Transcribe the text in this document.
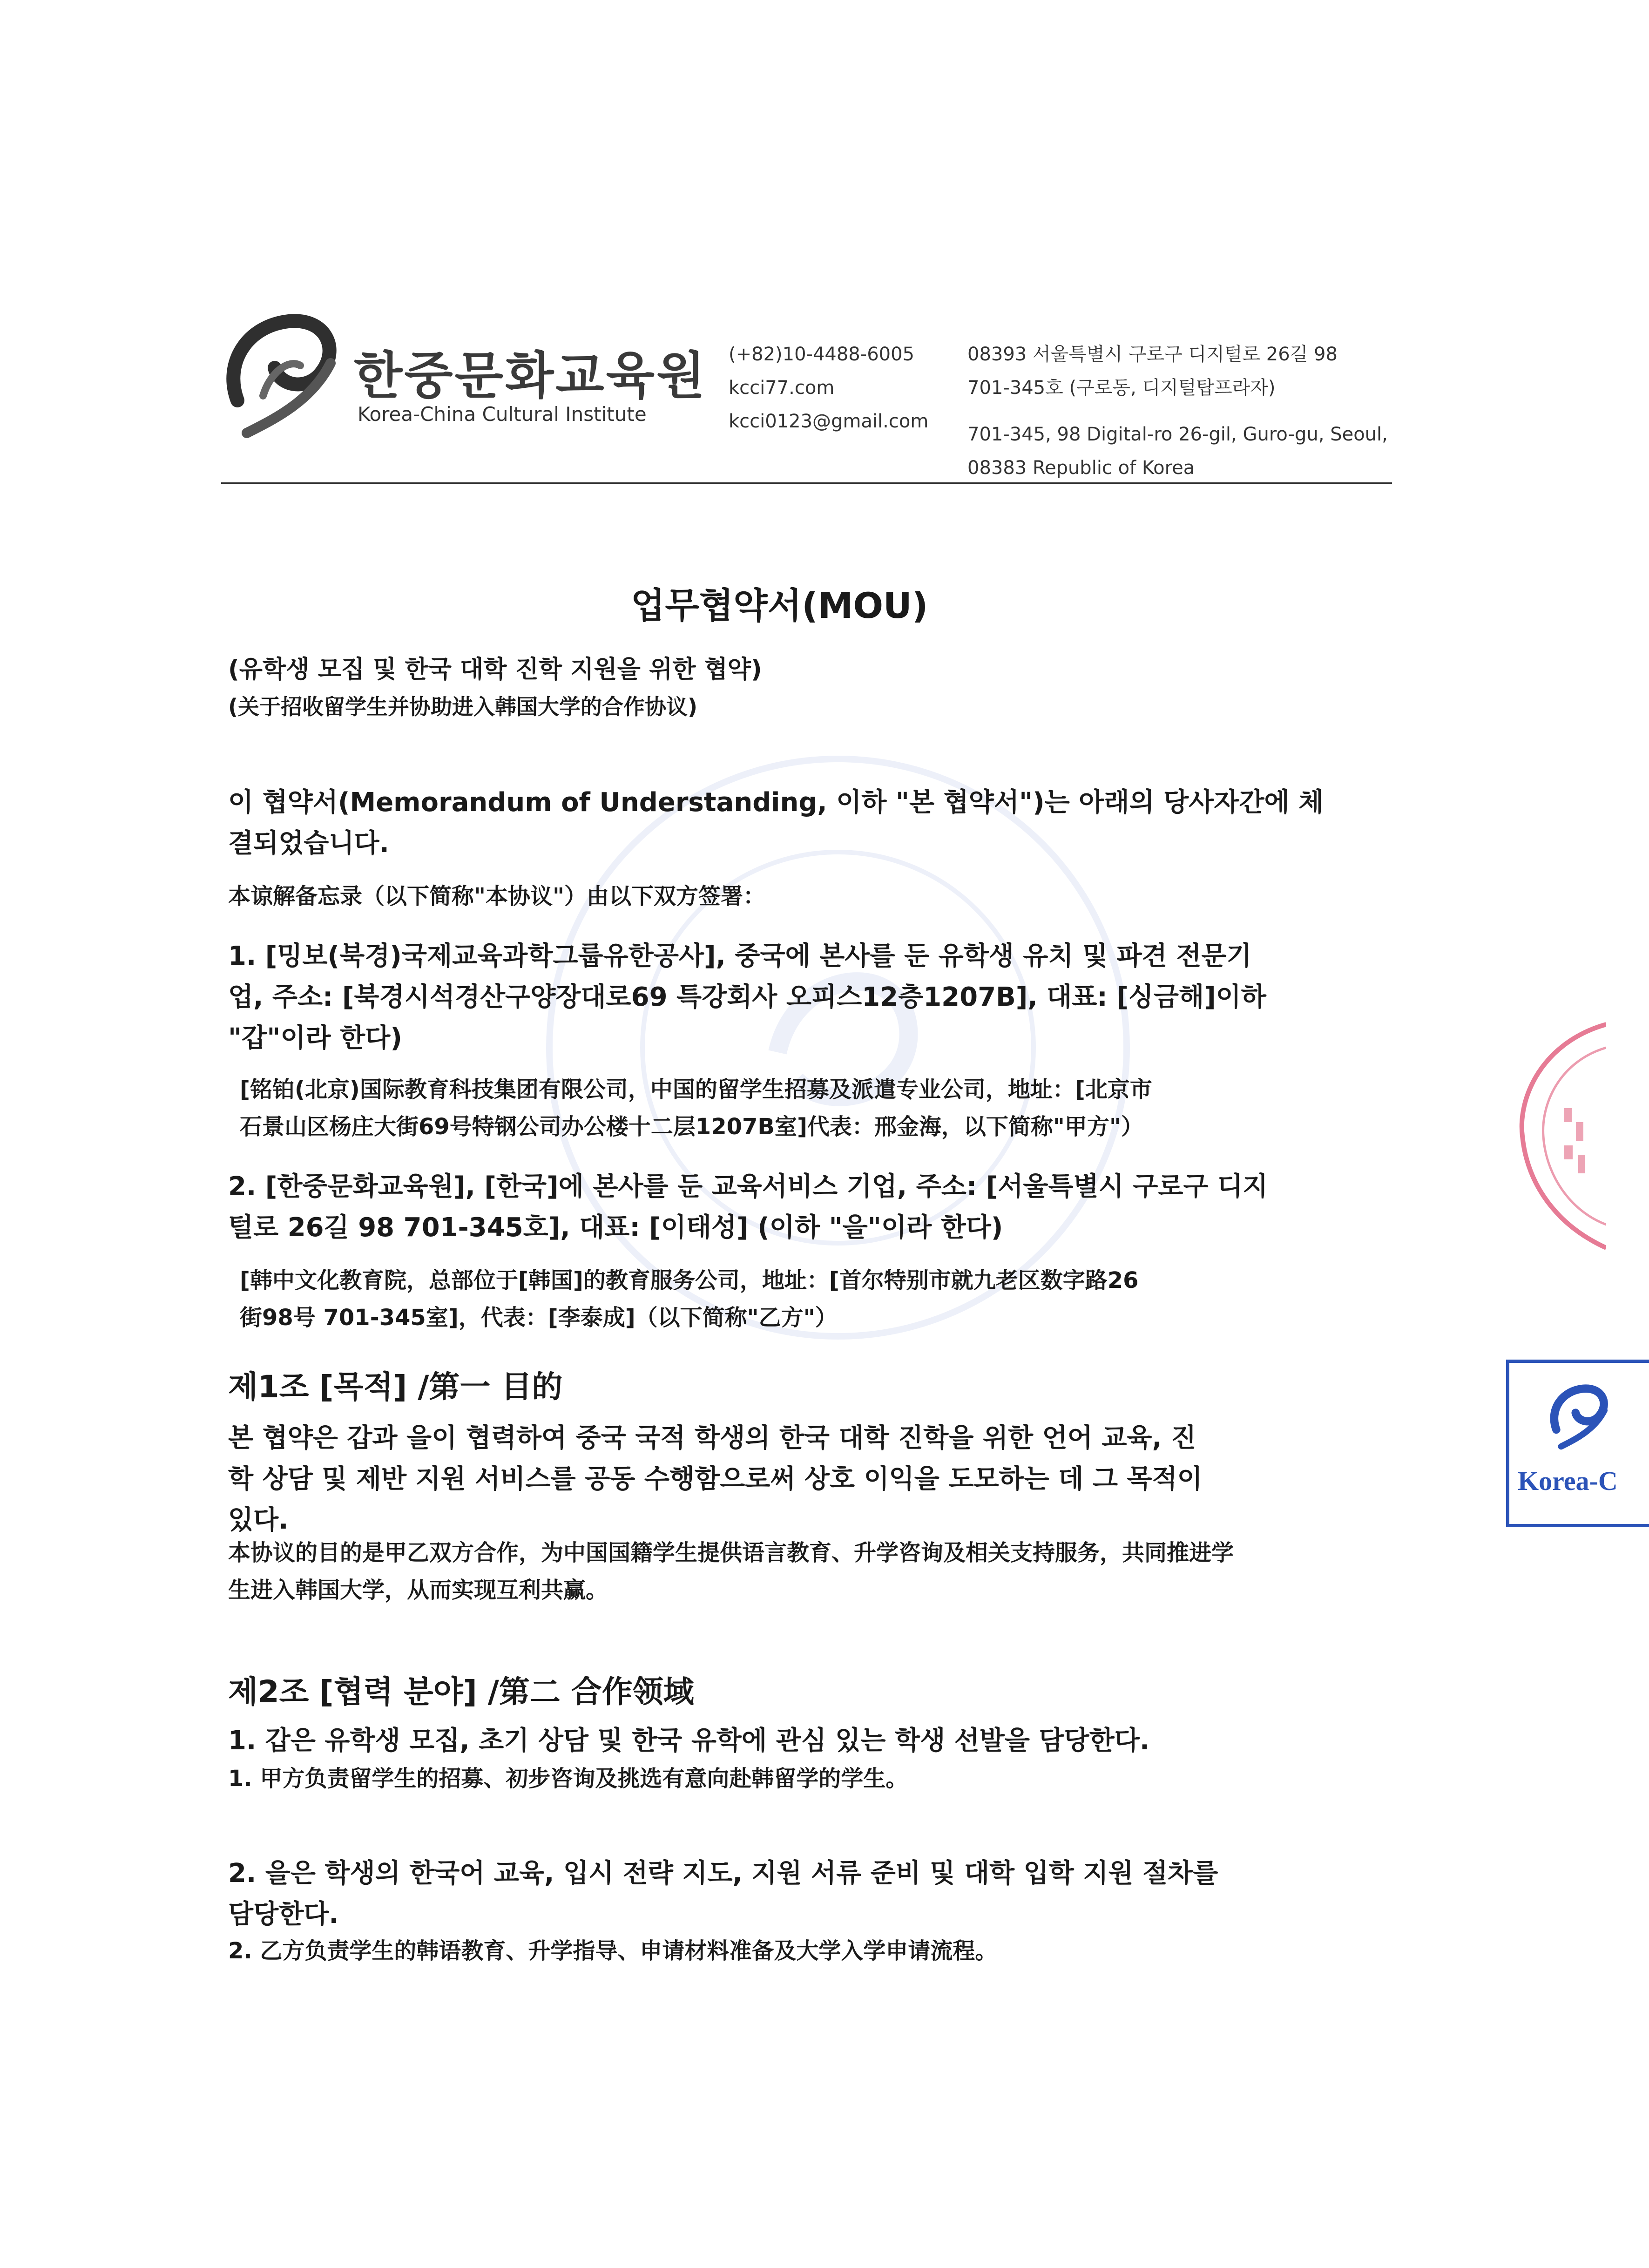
한중문화교육원
Korea-China Cultural Institute
(+82)10-4488-6005
kcci77.com
kcci0123@gmail.com
08393 서울특별시 구로구 디지털로 26길 98
701-345호 (구로동, 디지털탑프라자)
701-345, 98 Digital-ro 26-gil, Guro-gu, Seoul,
08383 Republic of Korea
업무협약서(MOU)
(유학생 모집 및 한국 대학 진학 지원을 위한 협약)
(关于招收留学生并协助进入韩国大学的合作协议)
이 협약서(Memorandum of Understanding, 이하 "본 협약서")는 아래의 당사자간에 체
결되었습니다.
本谅解备忘录（以下简称"本协议"）由以下双方签署：
1. [밍보(북경)국제교육과학그룹유한공사], 중국에 본사를 둔 유학생 유치 및 파견 전문기
업, 주소: [북경시석경산구양장대로69 특강회사 오피스12층1207B], 대표: [싱금해]이하
"갑"이라 한다)
[铭铂(北京)国际教育科技集团有限公司，中国的留学生招募及派遣专业公司，地址：[北京市
石景山区杨庄大街69号特钢公司办公楼十二层1207B室]代表：邢金海，以下简称"甲方"）
2. [한중문화교육원], [한국]에 본사를 둔 교육서비스 기업, 주소: [서울특별시 구로구 디지
털로 26길 98 701-345호], 대표: [이태성] (이하 "을"이라 한다)
[韩中文化教育院，总部位于[韩国]的教育服务公司，地址：[首尔特别市就九老区数字路26
街98号 701-345室]，代表：[李泰成]（以下简称"乙方"）
제1조 [목적] /第一 目的
본 협약은 갑과 을이 협력하여 중국 국적 학생의 한국 대학 진학을 위한 언어 교육, 진
학 상담 및 제반 지원 서비스를 공동 수행함으로써 상호 이익을 도모하는 데 그 목적이
있다.
本协议的目的是甲乙双方合作，为中国国籍学生提供语言教育、升学咨询及相关支持服务，共同推进学
生进入韩国大学，从而实现互利共赢。
제2조 [협력 분야] /第二 合作领域
1. 갑은 유학생 모집, 초기 상담 및 한국 유학에 관심 있는 학생 선발을 담당한다.
1. 甲方负责留学生的招募、初步咨询及挑选有意向赴韩留学的学生。
2. 을은 학생의 한국어 교육, 입시 전략 지도, 지원 서류 준비 및 대학 입학 지원 절차를
담당한다.
2. 乙方负责学生的韩语教育、升学指导、申请材料准备及大学入学申请流程。
Korea-C
